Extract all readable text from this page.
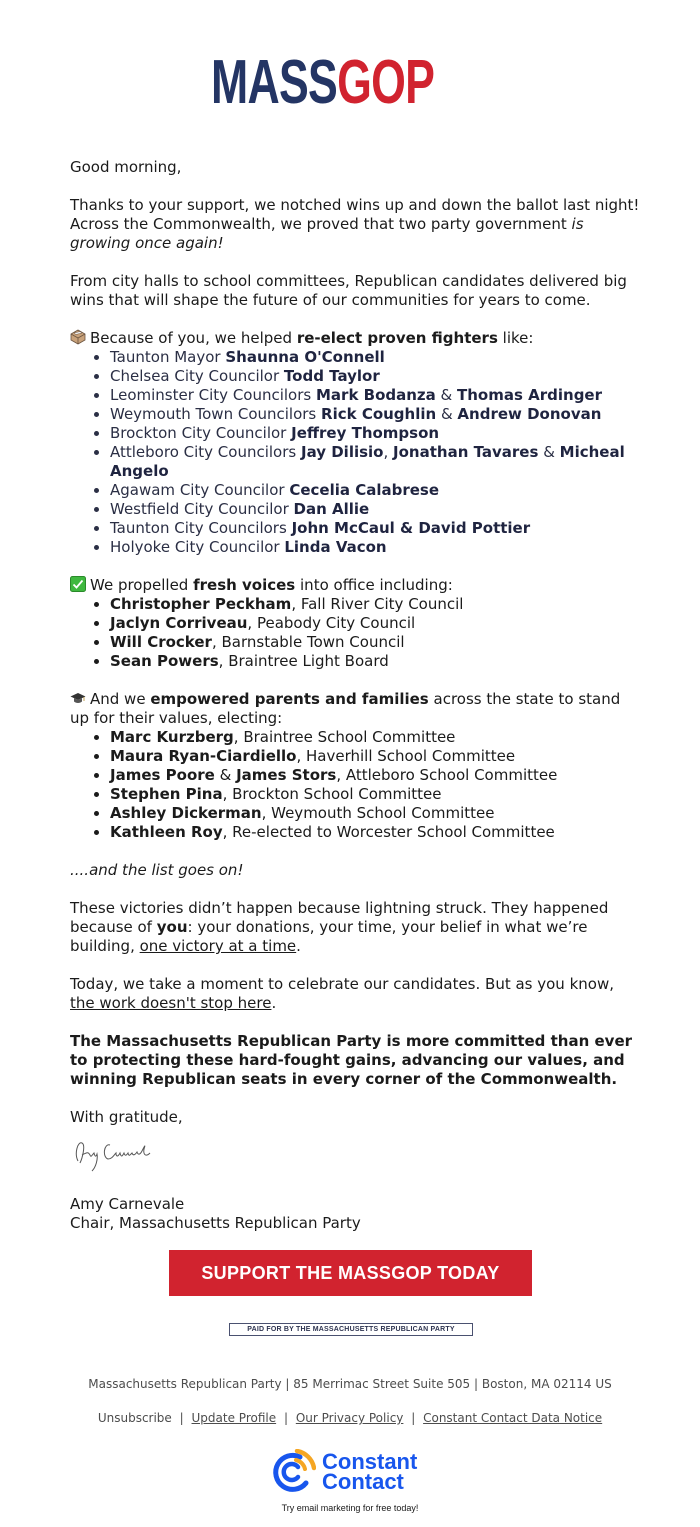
MASS GOP

Good morning,

Thanks to your support, we notched wins up and down the ballot last night! Across the Commonwealth, we proved that two party government is growing once again!

From city halls to school committees, Republican candidates delivered big wins that will shape the future of our communities for years to come.

Because of you, we helped re-elect proven fighters like:
• Taunton Mayor Shaunna O'Connell
• Chelsea City Councilor Todd Taylor
• Leominster City Councilors Mark Bodanza & Thomas Ardinger
• Weymouth Town Councilors Rick Coughlin & Andrew Donovan
• Brockton City Councilor Jeffrey Thompson
• Attleboro City Councilors Jay Dilisio, Jonathan Tavares & Micheal Angelo
• Agawam City Councilor Cecelia Calabrese
• Westfield City Councilor Dan Allie
• Taunton City Councilors John McCaul & David Pottier
• Holyoke City Councilor Linda Vacon
We propelled fresh voices into office including:
• Christopher Peckham, Fall River City Council
• Jaclyn Corriveau, Peabody City Council
• Will Crocker, Barnstable Town Council
• Sean Powers, Braintree Light Board
And we empowered parents and families across the state to stand up for their values, electing:
• Marc Kurzberg, Braintree School Committee
• Maura Ryan-Ciardiello, Haverhill School Committee
• James Poore & James Stors, Attleboro School Committee
• Stephen Pina, Brockton School Committee
• Ashley Dickerman, Weymouth School Committee
• Kathleen Roy, Re-elected to Worcester School Committee

....and the list goes on!

These victories didn’t happen because lightning struck. They happened because of you: your donations, your time, your belief in what we’re building, one victory at a time.

Today, we take a moment to celebrate our candidates. But as you know, the work doesn't stop here.

The Massachusetts Republican Party is more committed than ever to protecting these hard-fought gains, advancing our values, and winning Republican seats in every corner of the Commonwealth.

With gratitude,

Amy Carnevale
Chair, Massachusetts Republican Party
SUPPORT THE MASSGOP TODAY
PAID FOR BY THE MASSACHUSETTS REPUBLICAN PARTY
Massachusetts Republican Party | 85 Merrimac Street Suite 505 | Boston, MA 02114 US
Unsubscribe | Update Profile | Our Privacy Policy | Constant Contact Data Notice
Constant
Contact
Try email marketing for free today!
